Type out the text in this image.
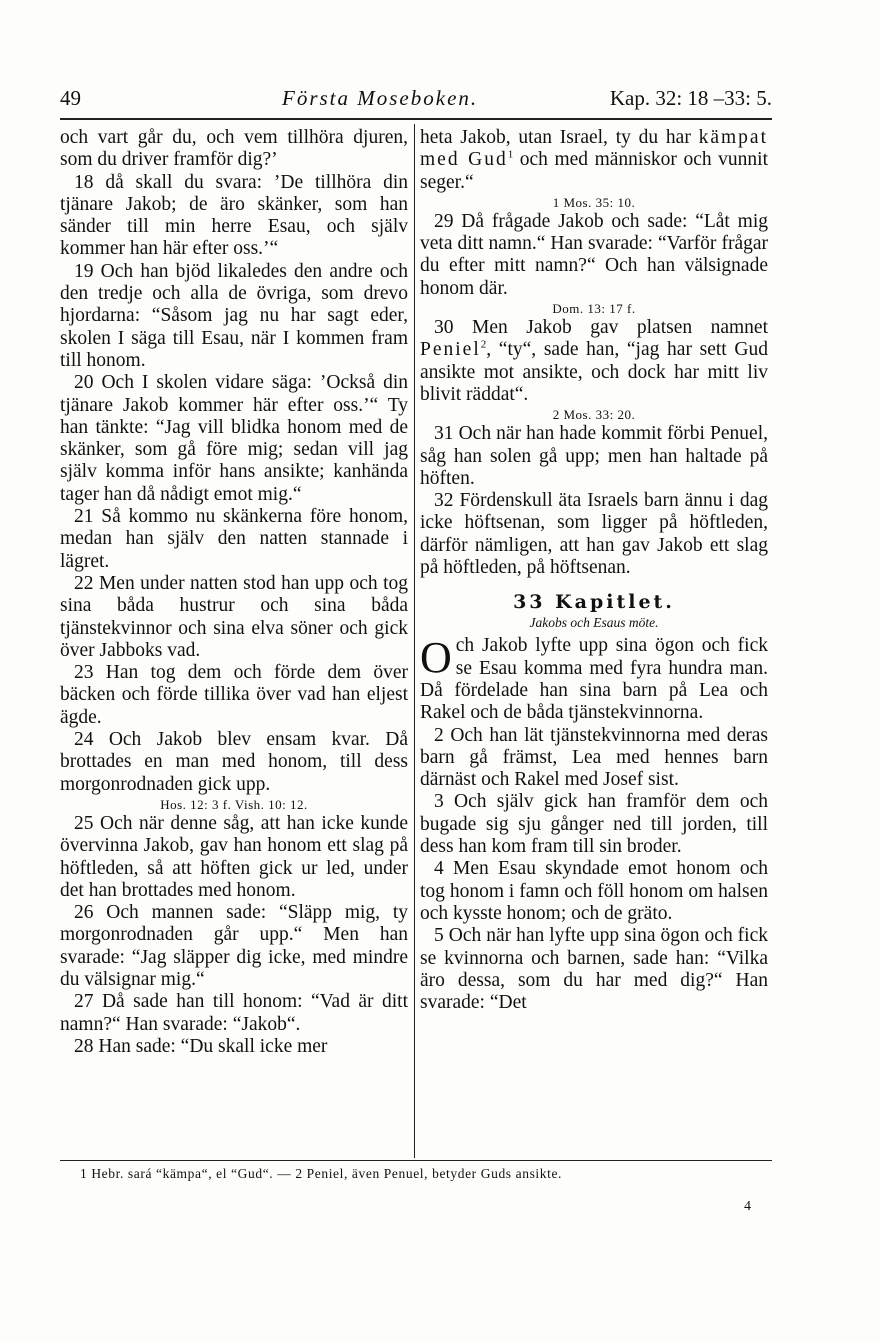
49	Första Moseboken.	Kap. 32: 18 –33: 5.

och vart går du, och vem tillhöra djuren, som du driver framför dig?’

18 då skall du svara: ’De tillhöra din tjänare Jakob; de äro skänker, som han sänder till min herre Esau, och själv kommer han här efter oss.’“

19 Och han bjöd likaledes den andre och den tredje och alla de övriga, som drevo hjordarna: “Såsom jag nu har sagt eder, skolen I säga till Esau, när I kommen fram till honom.

20 Och I skolen vidare säga: ’Också din tjänare Jakob kommer här efter oss.’“ Ty han tänkte: “Jag vill blidka honom med de skänker, som gå före mig; sedan vill jag själv komma inför hans ansikte; kanhända tager han då nådigt emot mig.“

21 Så kommo nu skänkerna före honom, medan han själv den natten stannade i lägret.

22 Men under natten stod han upp och tog sina båda hustrur och sina båda tjänstekvinnor och sina elva söner och gick över Jabboks vad.

23 Han tog dem och förde dem över bäcken och förde tillika över vad han eljest ägde.

24 Och Jakob blev ensam kvar. Då brottades en man med honom, till dess morgonrodnaden gick upp.

Hos. 12: 3 f. Vish. 10: 12.

25 Och när denne såg, att han icke kunde övervinna Jakob, gav han honom ett slag på höftleden, så att höften gick ur led, under det han brottades med honom.

26 Och mannen sade: “Släpp mig, ty morgonrodnaden går upp.“ Men han svarade: “Jag släpper dig icke, med mindre du välsignar mig.“

27 Då sade han till honom: “Vad är ditt namn?“ Han svarade: “Jakob“.

28 Han sade: “Du skall icke mer

heta Jakob, utan Israel, ty du har kämpat med Gud$^1$ och med människor och vunnit seger.“

1 Mos. 35: 10.

29 Då frågade Jakob och sade: “Låt mig veta ditt namn.“ Han svarade: “Varför frågar du efter mitt namn?“ Och han välsignade honom där.

Dom. 13: 17 f.

30 Men Jakob gav platsen namnet Peniel$^2$, “ty“, sade han, “jag har sett Gud ansikte mot ansikte, och dock har mitt liv blivit räddat“.

2 Mos. 33: 20.

31 Och när han hade kommit förbi Penuel, såg han solen gå upp; men han haltade på höften.

32 Fördenskull äta Israels barn ännu i dag icke höftsenan, som ligger på höftleden, därför nämligen, att han gav Jakob ett slag på höftleden, på höftsenan.

33 Kapitlet.
Jakobs och Esaus möte.

Och Jakob lyfte upp sina ögon och fick se Esau komma med fyra hundra man. Då fördelade han sina barn på Lea och Rakel och de båda tjänstekvinnorna.

2 Och han lät tjänstekvinnorna med deras barn gå främst, Lea med hennes barn därnäst och Rakel med Josef sist.

3 Och själv gick han framför dem och bugade sig sju gånger ned till jorden, till dess han kom fram till sin broder.

4 Men Esau skyndade emot honom och tog honom i famn och föll honom om halsen och kysste honom; och de gräto.

5 Och när han lyfte upp sina ögon och fick se kvinnorna och barnen, sade han: “Vilka äro dessa, som du har med dig?“ Han svarade: “Det

1 Hebr. sará “kämpa“, el “Gud“. — 2 Peniel, även Penuel, betyder Guds ansikte.
4
